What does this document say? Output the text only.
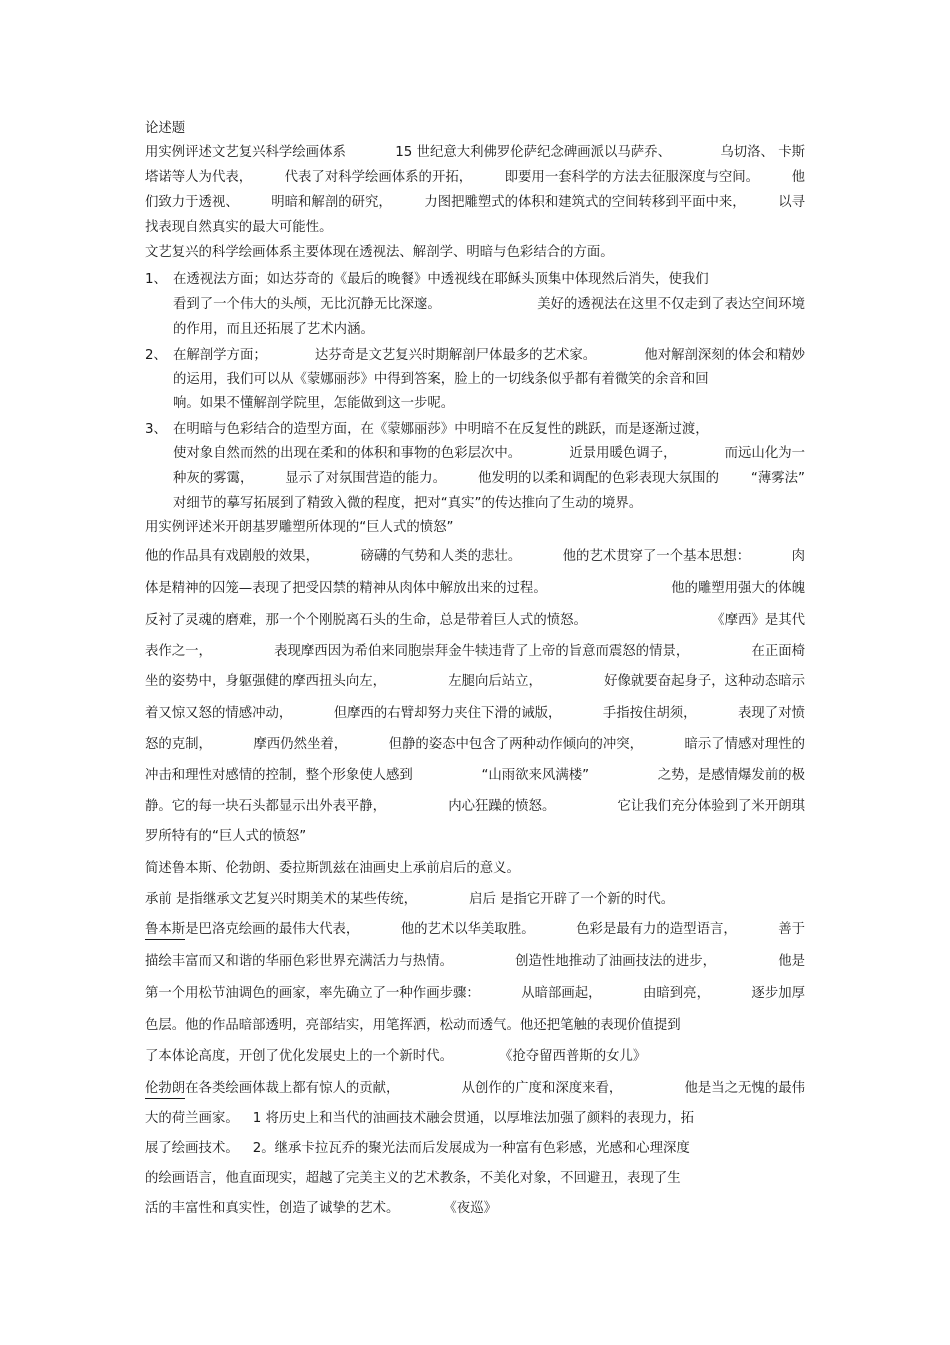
论述题
用实例评述文艺复兴科学绘画体系	15 世纪意大利佛罗伦萨纪念碑画派以马萨乔、	乌切洛、 卡斯
塔诺等人为代表， 代表了对科学绘画体系的开拓， 即要用一套科学的方法去征服深度与空间。 他
们致力于透视、 明暗和解剖的研究， 力图把雕塑式的体积和建筑式的空间转移到平面中来， 以寻
找表现自然真实的最大可能性。
文艺复兴的科学绘画体系主要体现在透视法、解剖学、明暗与色彩结合的方面。
1、 在透视法方面；如达芬奇的《最后的晚餐》中透视线在耶稣头顶集中体现然后消失，使我们
看到了一个伟大的头颅，无比沉静无比深邃。	美好的透视法在这里不仅走到了表达空间环境
的作用，而且还拓展了艺术内涵。
2、 在解剖学方面；	达芬奇是文艺复兴时期解剖尸体最多的艺术家。	他对解剖深刻的体会和精妙
的运用，我们可以从《蒙娜丽莎》中得到答案，脸上的一切线条似乎都有着微笑的余音和回
响。如果不懂解剖学院里，怎能做到这一步呢。
3、 在明暗与色彩结合的造型方面，在《蒙娜丽莎》中明暗不在反复性的跳跃，而是逐渐过渡，
使对象自然而然的出现在柔和的体积和事物的色彩层次中。	近景用暖色调子，	而远山化为一
种灰的雾霭， 显示了对氛围营造的能力。 他发明的以柔和调配的色彩表现大氛围的 “薄雾法”
对细节的摹写拓展到了精致入微的程度，把对“真实”的传达推向了生动的境界。
用实例评述米开朗基罗雕塑所体现的“巨人式的愤怒”
他的作品具有戏剧般的效果，	磅礴的气势和人类的悲壮。	他的艺术贯穿了一个基本思想：	肉
体是精神的囚笼—表现了把受囚禁的精神从肉体中解放出来的过程。	他的雕塑用强大的体魄
反衬了灵魂的磨难，那一个个刚脱离石头的生命，总是带着巨人式的愤怒。	《摩西》是其代
表作之一，	表现摩西因为希伯来同胞崇拜金牛犊违背了上帝的旨意而震怒的情景，	在正面椅
坐的姿势中，身躯强健的摩西扭头向左，	左腿向后站立，	好像就要奋起身子，这种动态暗示
着又惊又怒的情感冲动，	但摩西的右臂却努力夹住下滑的诫版，	手指按住胡须，	表现了对愤
怒的克制，	摩西仍然坐着，	但静的姿态中包含了两种动作倾向的冲突，	暗示了情感对理性的
冲击和理性对感情的控制，整个形象使人感到	“山雨欲来风满楼”	之势，是感情爆发前的极
静。它的每一块石头都显示出外表平静，	内心狂躁的愤怒。	它让我们充分体验到了米开朗琪
罗所特有的“巨人式的愤怒”
简述鲁本斯、伦勃朗、委拉斯凯兹在油画史上承前启后的意义。
承前 是指继承文艺复兴时期美术的某些传统，	启后 是指它开辟了一个新的时代。
鲁本斯是巴洛克绘画的最伟大代表，	他的艺术以华美取胜。	色彩是最有力的造型语言，	善于
描绘丰富而又和谐的华丽色彩世界充满活力与热情。	创造性地推动了油画技法的进步，	他是
第一个用松节油调色的画家，率先确立了一种作画步骤：	从暗部画起，	由暗到亮，	逐步加厚
色层。他的作品暗部透明，亮部结实，用笔挥洒，松动而透气。他还把笔触的表现价值提到
了本体论高度，开创了优化发展史上的一个新时代。	《抢夺留西普斯的女儿》
伦勃朗在各类绘画体裁上都有惊人的贡献，	从创作的广度和深度来看，	他是当之无愧的最伟
大的荷兰画家。 1 将历史上和当代的油画技术融会贯通，以厚堆法加强了颜料的表现力，拓
展了绘画技术。 2。继承卡拉瓦乔的聚光法而后发展成为一种富有色彩感，光感和心理深度
的绘画语言，他直面现实，超越了完美主义的艺术教条，不美化对象，不回避丑，表现了生
活的丰富性和真实性，创造了诚挚的艺术。	《夜巡》
